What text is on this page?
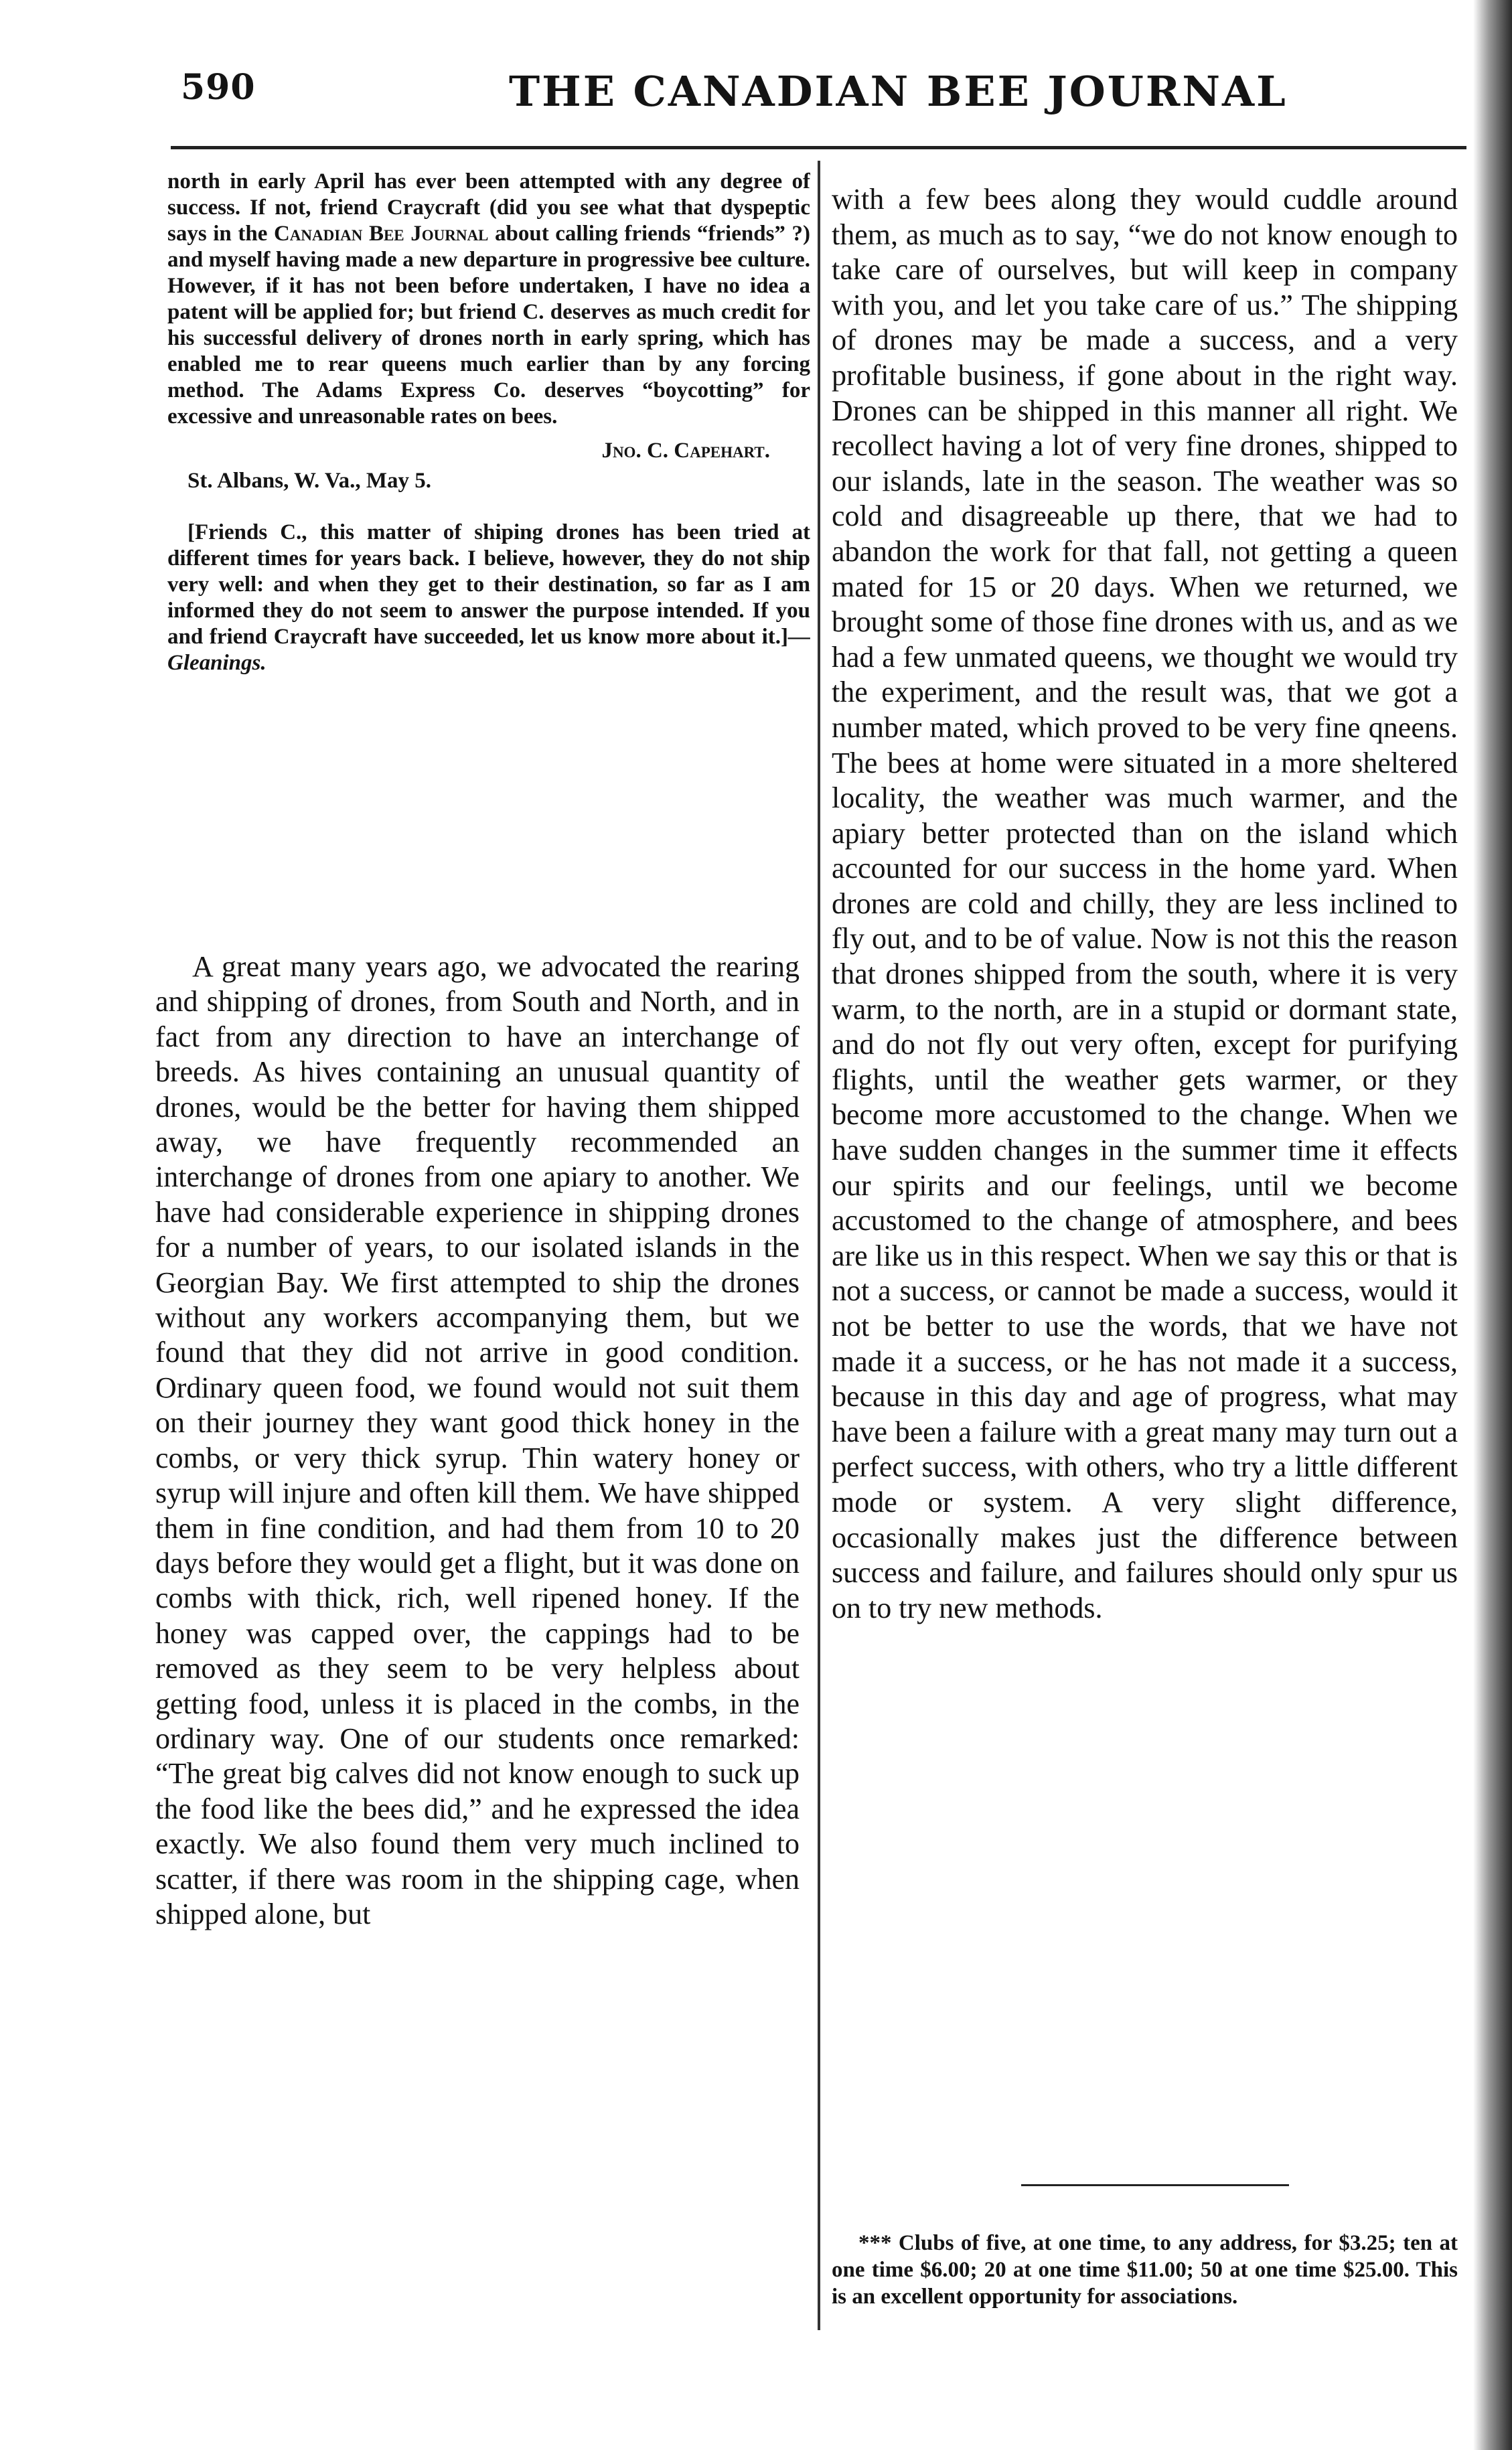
590	THE CANADIAN BEE JOURNAL

north in early April has ever been attempted with any degree of success. If not, friend Craycraft (did you see what that dyspeptic says in the Canadian Bee Journal about calling friends “friends” ?) and myself having made a new departure in progressive bee culture. However, if it has not been before undertaken, I have no idea a patent will be applied for; but friend C. deserves as much credit for his successful delivery of drones north in early spring, which has enabled me to rear queens much earlier than by any forcing method. The Adams Express Co. deserves “boycotting” for excessive and unreasonable rates on bees.

Jno. C. Capehart.

St. Albans, W. Va., May 5.

[Friends C., this matter of shiping drones has been tried at different times for years back. I believe, however, they do not ship very well: and when they get to their destination, so far as I am informed they do not seem to answer the purpose intended. If you and friend Craycraft have succeeded, let us know more about it.]—Gleanings.

A great many years ago, we advocated the rearing and shipping of drones, from South and North, and in fact from any direction to have an interchange of breeds. As hives containing an unusual quantity of drones, would be the better for having them shipped away, we have frequently recommended an interchange of drones from one apiary to another. We have had considerable experience in shipping drones for a number of years, to our isolated islands in the Georgian Bay. We first attempted to ship the drones without any workers accompanying them, but we found that they did not arrive in good condition. Ordinary queen food, we found would not suit them on their journey they want good thick honey in the combs, or very thick syrup. Thin watery honey or syrup will injure and often kill them. We have shipped them in fine condition, and had them from 10 to 20 days before they would get a flight, but it was done on combs with thick, rich, well ripened honey. If the honey was capped over, the cappings had to be removed as they seem to be very helpless about getting food, unless it is placed in the combs, in the ordinary way. One of our students once remarked: “The great big calves did not know enough to suck up the food like the bees did,” and he expressed the idea exactly. We also found them very much inclined to scatter, if there was room in the shipping cage, when shipped alone, but

with a few bees along they would cuddle around them, as much as to say, “we do not know enough to take care of ourselves, but will keep in company with you, and let you take care of us.” The shipping of drones may be made a success, and a very profitable business, if gone about in the right way. Drones can be shipped in this manner all right. We recollect having a lot of very fine drones, shipped to our islands, late in the season. The weather was so cold and disagreeable up there, that we had to abandon the work for that fall, not getting a queen mated for 15 or 20 days. When we returned, we brought some of those fine drones with us, and as we had a few unmated queens, we thought we would try the experiment, and the result was, that we got a number mated, which proved to be very fine qneens. The bees at home were situated in a more sheltered locality, the weather was much warmer, and the apiary better protected than on the island which accounted for our success in the home yard. When drones are cold and chilly, they are less inclined to fly out, and to be of value. Now is not this the reason that drones shipped from the south, where it is very warm, to the north, are in a stupid or dormant state, and do not fly out very often, except for purifying flights, until the weather gets warmer, or they become more accustomed to the change. When we have sudden changes in the summer time it effects our spirits and our feelings, until we become accustomed to the change of atmosphere, and bees are like us in this respect. When we say this or that is not a success, or cannot be made a success, would it not be better to use the words, that we have not made it a success, or he has not made it a success, because in this day and age of progress, what may have been a failure with a great many may turn out a perfect success, with others, who try a little different mode or system. A very slight difference, occasionally makes just the difference between success and failure, and failures should only spur us on to try new methods.

*** Clubs of five, at one time, to any address, for $3.25; ten at one time $6.00; 20 at one time $11.00; 50 at one time $25.00. This is an excellent opportunity for associations.
